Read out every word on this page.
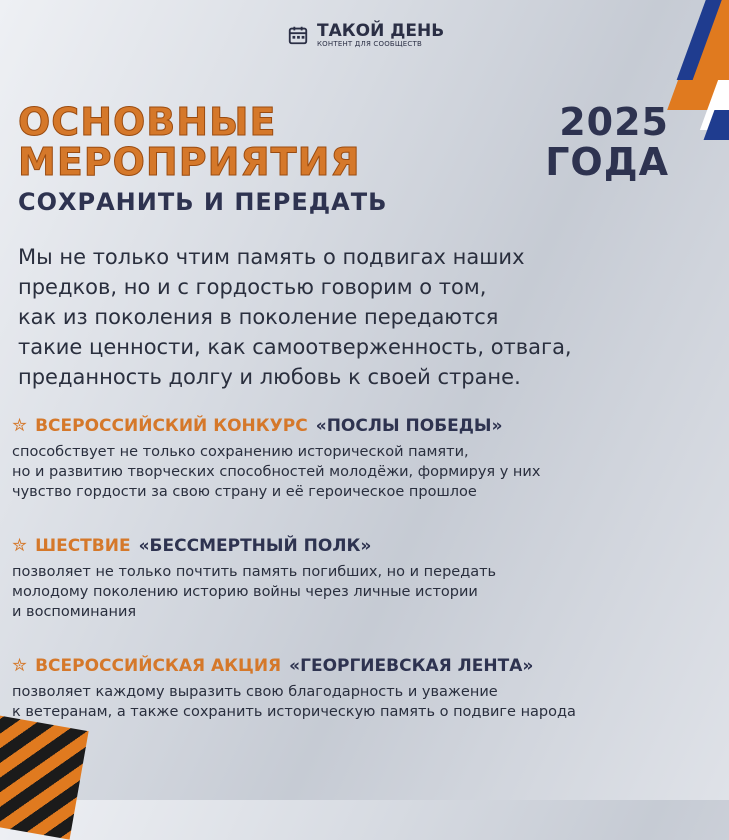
ТАКОЙ ДЕНЬ
КОНТЕНТ ДЛЯ СООБЩЕСТВ
ОСНОВНЫЕ
МЕРОПРИЯТИЯ
2025
ГОДА
СОХРАНИТЬ И ПЕРЕДАТЬ
Мы не только чтим память о подвигах наших
предков, но и с гордостью говорим о том,
как из поколения в поколение передаются
такие ценности, как самоотверженность, отвага,
преданность долгу и любовь к своей стране.
✮ ВСЕРОССИЙСКИЙ КОНКУРС «ПОСЛЫ ПОБЕДЫ»
способствует не только сохранению исторической памяти,
но и развитию творческих способностей молодёжи, формируя у них
чувство гордости за свою страну и её героическое прошлое
✮ ШЕСТВИЕ «БЕССМЕРТНЫЙ ПОЛК»
позволяет не только почтить память погибших, но и передать
молодому поколению историю войны через личные истории
и воспоминания
✮ ВСЕРОССИЙСКАЯ АКЦИЯ «ГЕОРГИЕВСКАЯ ЛЕНТА»
позволяет каждому выразить свою благодарность и уважение
к ветеранам, а также сохранить историческую память о подвиге народа
